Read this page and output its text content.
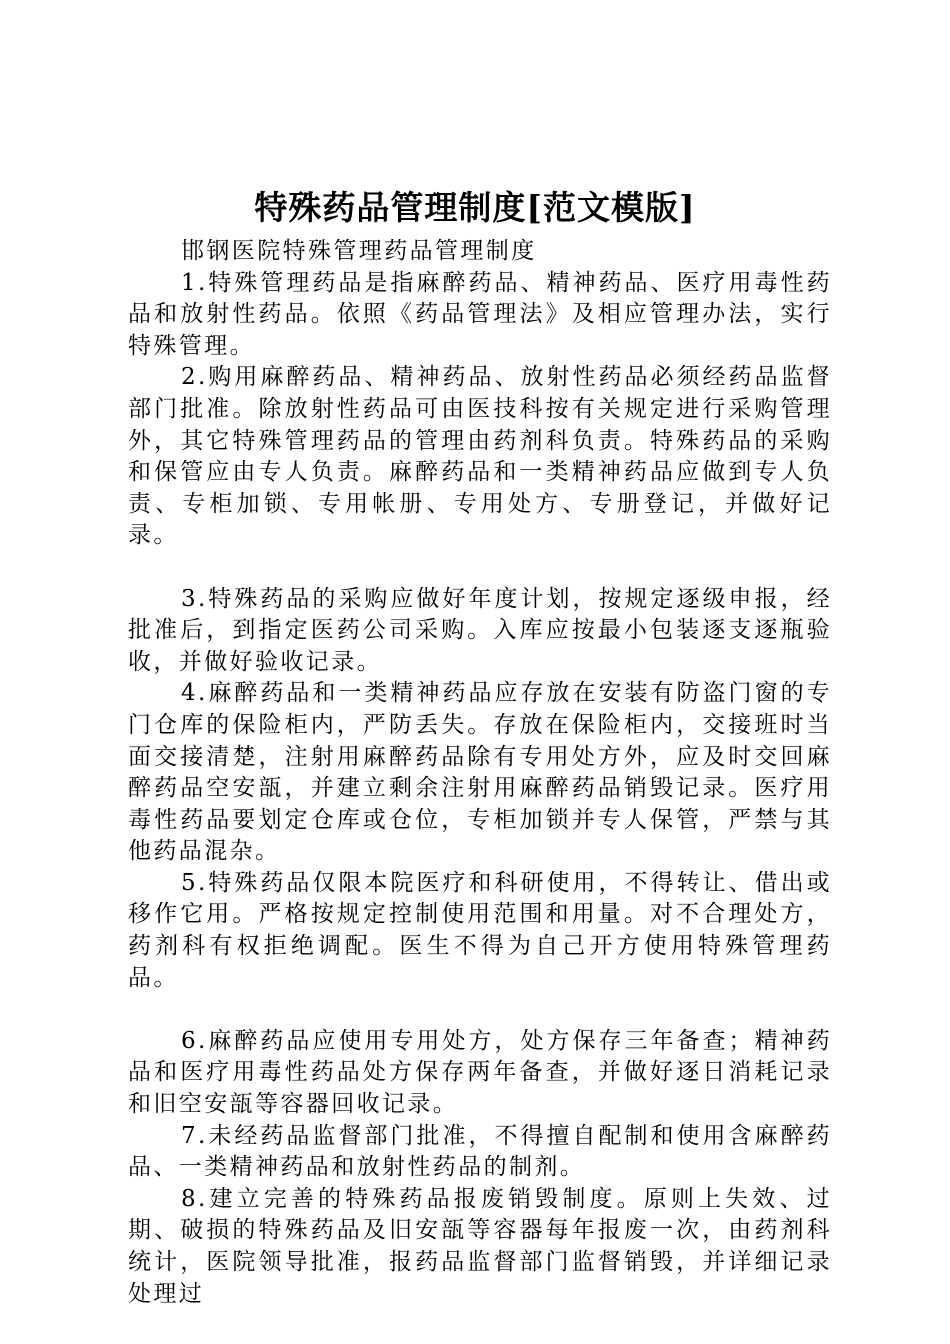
特殊药品管理制度[范文模版]

邯钢医院特殊管理药品管理制度

1.特殊管理药品是指麻醉药品、精神药品、医疗用毒性药品和放射性药品。依照《药品管理法》及相应管理办法，实行特殊管理。

2.购用麻醉药品、精神药品、放射性药品必须经药品监督部门批准。除放射性药品可由医技科按有关规定进行采购管理外，其它特殊管理药品的管理由药剂科负责。特殊药品的采购和保管应由专人负责。麻醉药品和一类精神药品应做到专人负责、专柜加锁、专用帐册、专用处方、专册登记，并做好记录。

3.特殊药品的采购应做好年度计划，按规定逐级申报，经批准后，到指定医药公司采购。入库应按最小包装逐支逐瓶验收，并做好验收记录。

4.麻醉药品和一类精神药品应存放在安装有防盗门窗的专门仓库的保险柜内，严防丢失。存放在保险柜内，交接班时当面交接清楚，注射用麻醉药品除有专用处方外，应及时交回麻醉药品空安瓿，并建立剩余注射用麻醉药品销毁记录。医疗用毒性药品要划定仓库或仓位，专柜加锁并专人保管，严禁与其他药品混杂。

5.特殊药品仅限本院医疗和科研使用，不得转让、借出或移作它用。严格按规定控制使用范围和用量。对不合理处方，药剂科有权拒绝调配。医生不得为自己开方使用特殊管理药品。

6.麻醉药品应使用专用处方，处方保存三年备查；精神药品和医疗用毒性药品处方保存两年备查，并做好逐日消耗记录和旧空安瓿等容器回收记录。

7.未经药品监督部门批准，不得擅自配制和使用含麻醉药品、一类精神药品和放射性药品的制剂。

8.建立完善的特殊药品报废销毁制度。原则上失效、过期、破损的特殊药品及旧安瓿等容器每年报废一次，由药剂科统计，医院领导批准，报药品监督部门监督销毁，并详细记录处理过
